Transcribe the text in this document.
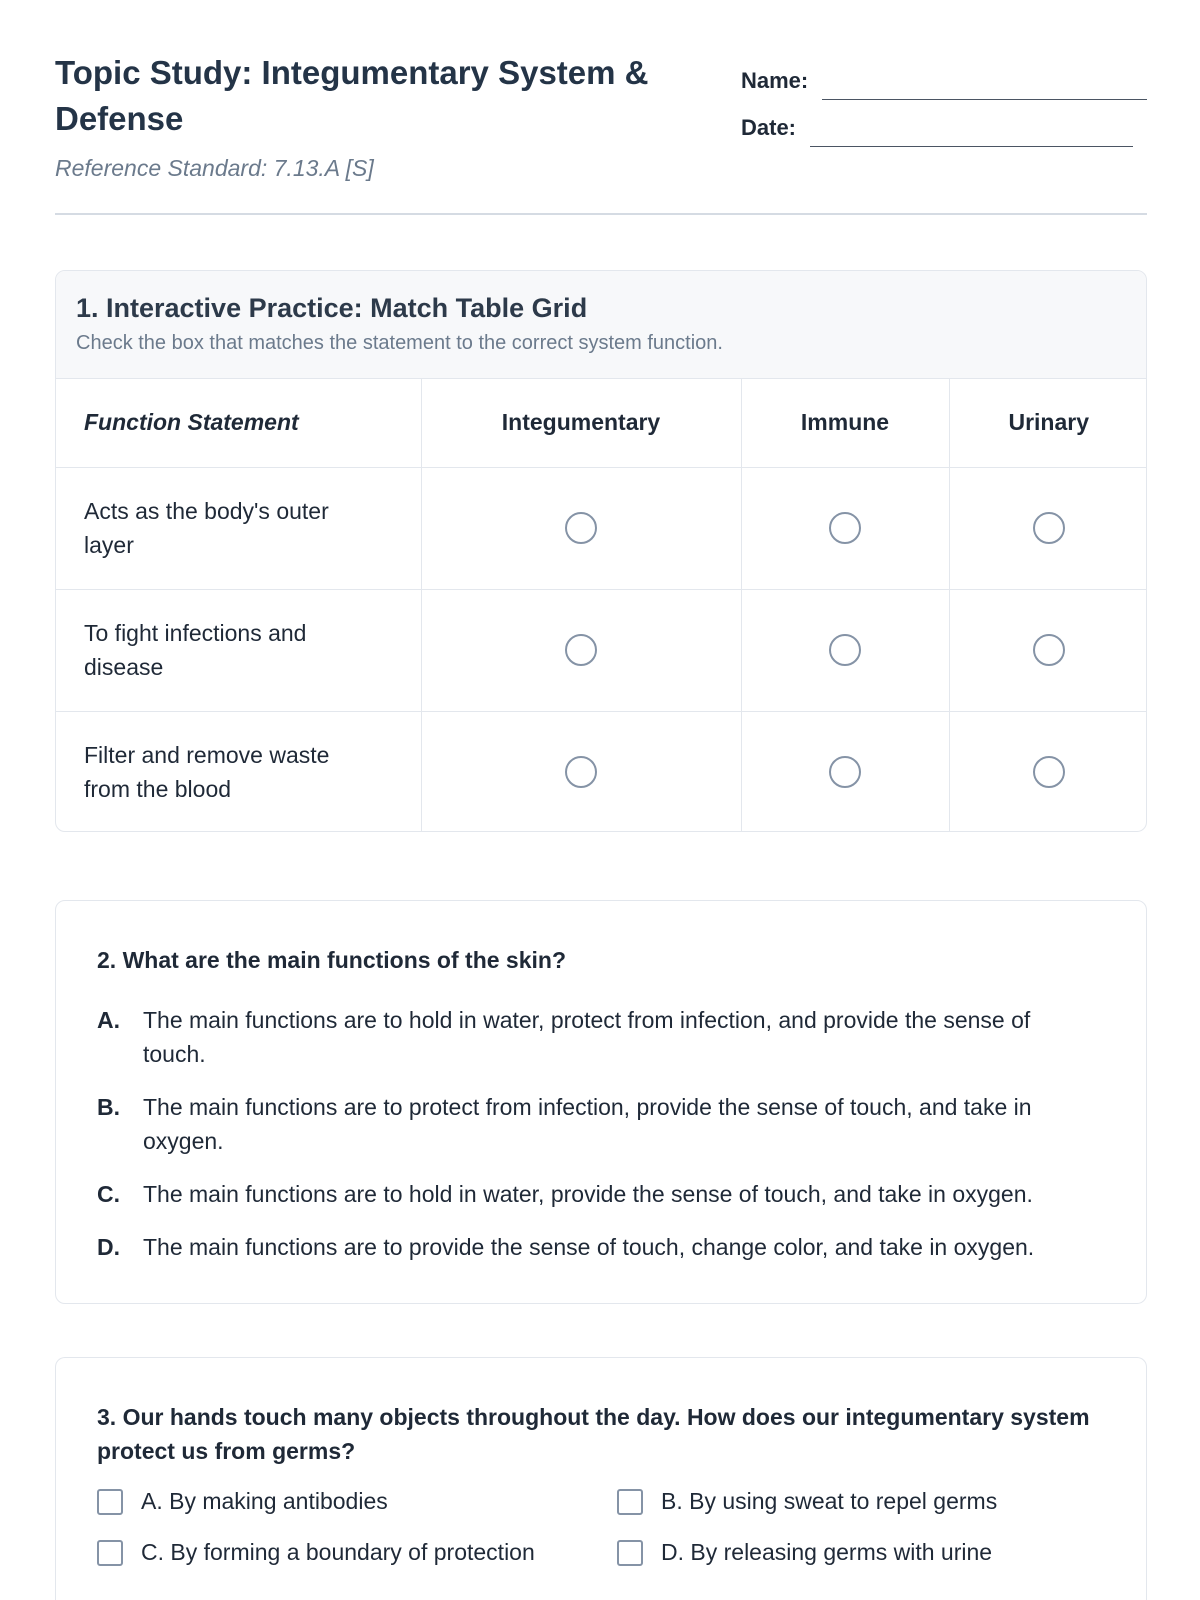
Topic Study: Integumentary System & Defense
Reference Standard: 7.13.A [S]
Name:
Date:
1. Interactive Practice: Match Table Grid
Check the box that matches the statement to the correct system function.
Function Statement	Integumentary	Immune	Urinary
Acts as the body's outer layer	

To fight infections and disease	

Filter and remove waste from the blood	

2. What are the main functions of the skin?
A.	The main functions are to hold in water, protect from infection, and provide the sense of touch.
B.	The main functions are to protect from infection, provide the sense of touch, and take in oxygen.
C.	The main functions are to hold in water, provide the sense of touch, and take in oxygen.
D.	The main functions are to provide the sense of touch, change color, and take in oxygen.
3. Our hands touch many objects throughout the day. How does our integumentary system protect us from germs?
A. By making antibodies	B. By using sweat to repel germs
C. By forming a boundary of protection	D. By releasing germs with urine
